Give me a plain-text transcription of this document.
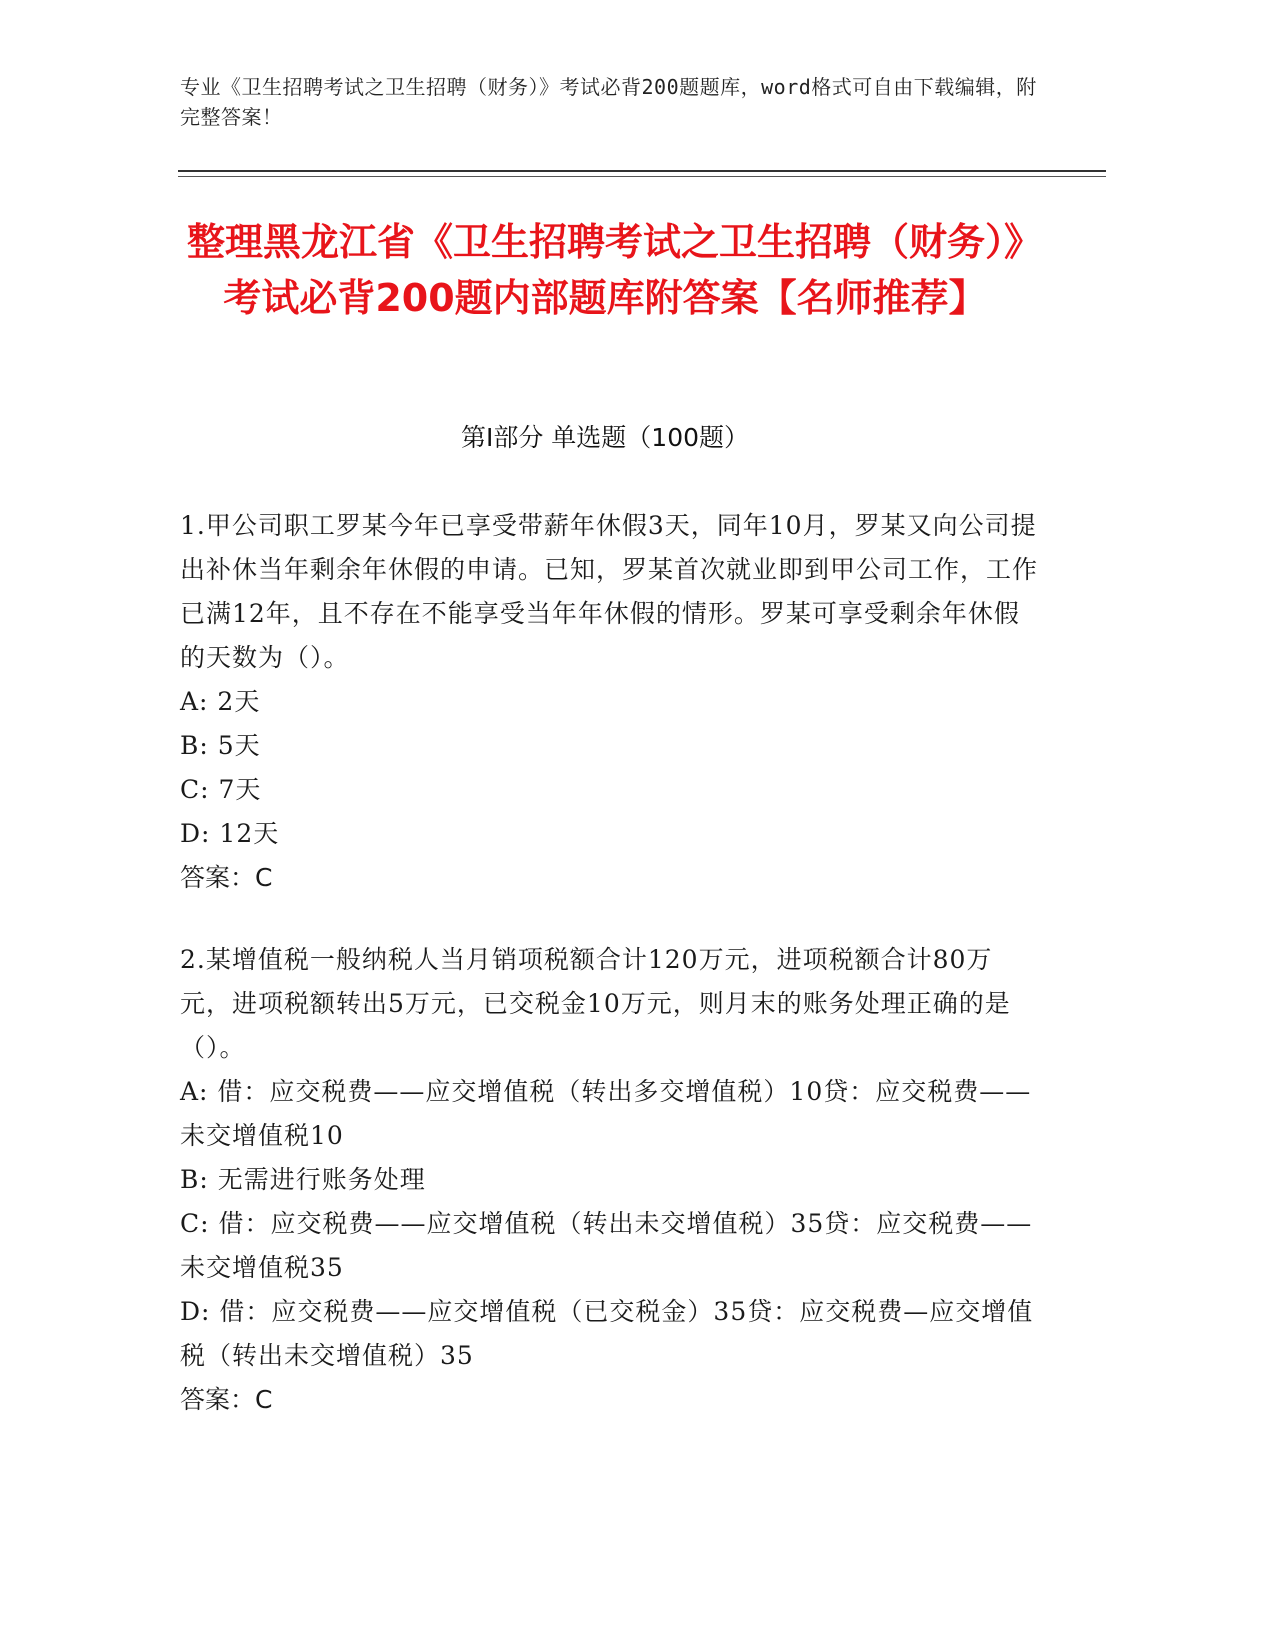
专业《卫生招聘考试之卫生招聘（财务）》考试必背200题题库，word格式可自由下载编辑，附完整答案！
整理黑龙江省《卫生招聘考试之卫生招聘（财务）》考试必背200题内部题库附答案【名师推荐】
第I部分 单选题（100题）

1.甲公司职工罗某今年已享受带薪年休假3天，同年10月，罗某又向公司提出补休当年剩余年休假的申请。已知，罗某首次就业即到甲公司工作，工作已满12年，且不存在不能享受当年年休假的情形。罗某可享受剩余年休假的天数为（）。

A: 2天

B: 5天

C: 7天

D: 12天

答案：C

2.某增值税一般纳税人当月销项税额合计120万元，进项税额合计80万元，进项税额转出5万元，已交税金10万元，则月末的账务处理正确的是（）。

A: 借：应交税费——应交增值税（转出多交增值税）10贷：应交税费——未交增值税10

B: 无需进行账务处理

C: 借：应交税费——应交增值税（转出未交增值税）35贷：应交税费——未交增值税35

D: 借：应交税费——应交增值税（已交税金）35贷：应交税费—应交增值税（转出未交增值税）35

答案：C
